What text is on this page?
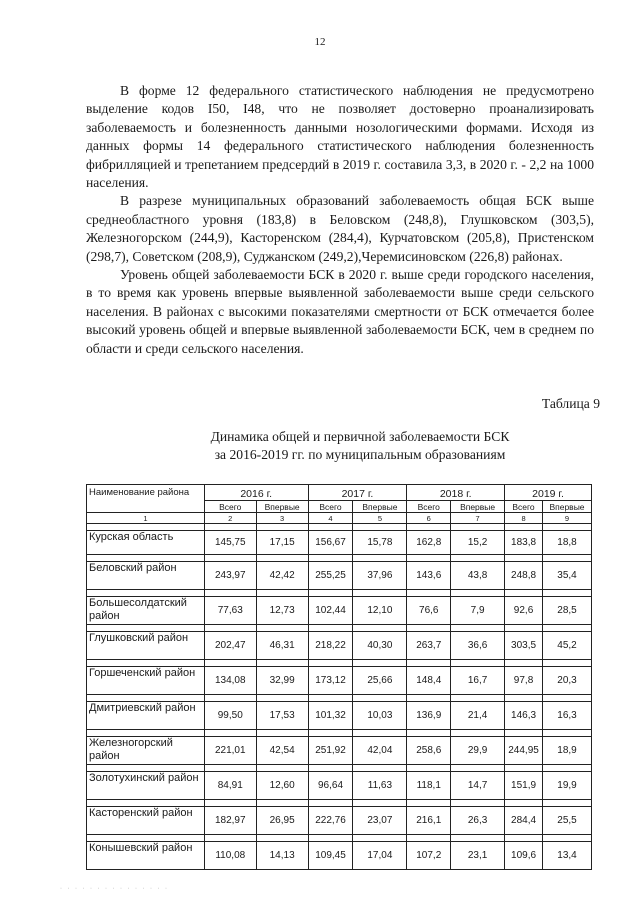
12

В форме 12 федерального статистического наблюдения не предусмотрено выделение кодов I50, I48, что не позволяет достоверно проанализировать заболеваемость и болезненность данными нозологическими формами. Исходя из данных формы 14 федерального статистического наблюдения болезненность фибрилляцией и трепетанием предсердий в 2019 г. составила 3,3, в 2020 г. - 2,2 на 1000 населения.

В разрезе муниципальных образований заболеваемость общая БСК выше среднеобластного уровня (183,8) в Беловском (248,8), Глушковском (303,5), Железногорском (244,9), Касторенском (284,4), Курчатовском (205,8), Пристенском (298,7), Советском (208,9), Суджанском (249,2),Черемисиновском (226,8) районах.

Уровень общей заболеваемости БСК в 2020 г. выше среди городского населения, в то время как уровень впервые выявленной заболеваемости выше среди сельского населения. В районах с высокими показателями смертности от БСК отмечается более высокий уровень общей и впервые выявленной заболеваемости БСК, чем в среднем по области и среди сельского населения.

Таблица 9
Динамика общей и первичной заболеваемости БСК
за 2016-2019 гг. по муниципальным образованиям
Наименование района	2016 г.		2017 г.		2018 г.		2019 г.	
	Всего	Впервые	Всего	Впервые	Всего	Впервые	Всего	Впервые
1	2	3	4	5	6	7	8	9

Курская область	145,75	17,15	156,67	15,78	162,8	15,2	183,8	18,8

Беловский район	243,97	42,42	255,25	37,96	143,6	43,8	248,8	35,4

Большесолдатский район	77,63	12,73	102,44	12,10	76,6	7,9	92,6	28,5

Глушковский район	202,47	46,31	218,22	40,30	263,7	36,6	303,5	45,2

Горшеченский район	134,08	32,99	173,12	25,66	148,4	16,7	97,8	20,3

Дмитриевский район	99,50	17,53	101,32	10,03	136,9	21,4	146,3	16,3

Железногорский район	221,01	42,54	251,92	42,04	258,6	29,9	244,95	18,9

Золотухинский район	84,91	12,60	96,64	11,63	118,1	14,7	151,9	19,9

Касторенский район	182,97	26,95	222,76	23,07	216,1	26,3	284,4	25,5

Конышевский район	110,08	14,13	109,45	17,04	107,2	23,1	109,6	13,4
· · · · · · · · · · · · · · ·
